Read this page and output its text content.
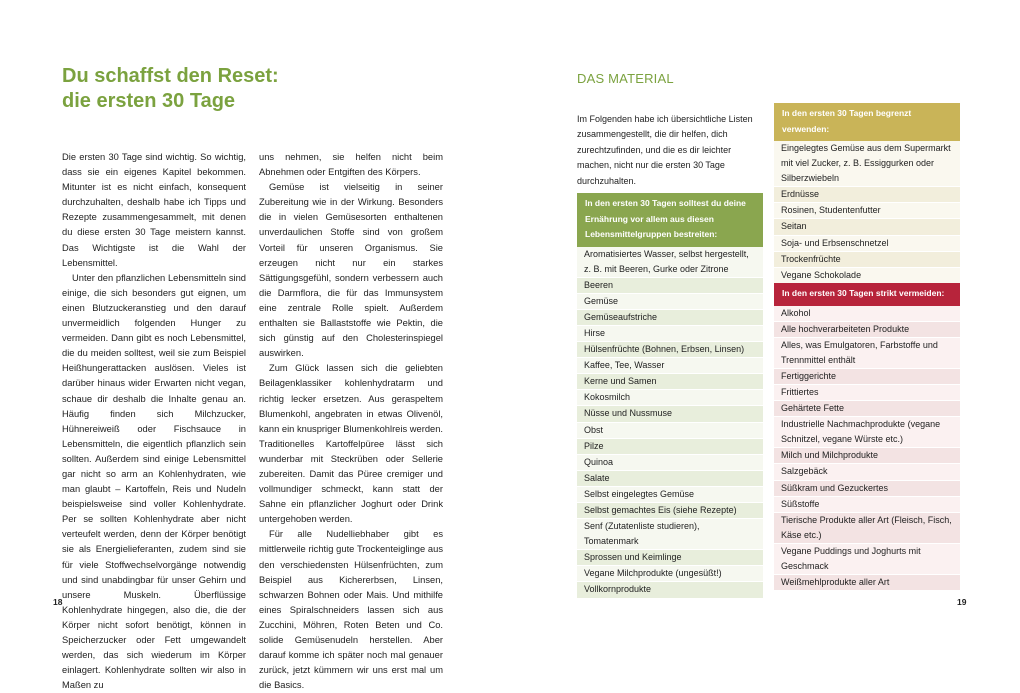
Du schaffst den Reset:
die ersten 30 Tage

Die ersten 30 Tage sind wichtig. So wichtig, dass sie ein eigenes Kapitel bekommen. Mitunter ist es nicht einfach, konsequent durchzuhalten, deshalb habe ich Tipps und Rezepte zusammengesammelt, mit denen du diese ersten 30 Tage meistern kannst. Das Wichtigste ist die Wahl der Lebensmittel.

Unter den pflanzlichen Lebensmitteln sind einige, die sich besonders gut eignen, um einen Blutzuckeranstieg und den darauf unvermeidlich folgenden Hunger zu vermeiden. Dann gibt es noch Lebensmittel, die du meiden solltest, weil sie zum Beispiel Heißhungerattacken auslösen. Vieles ist darüber hinaus wider Erwarten nicht vegan, schaue dir deshalb die Inhalte genau an. Häufig finden sich Milchzucker, Hühnereiweiß oder Fischsauce in Lebensmitteln, die eigentlich pflanzlich sein sollten. Außerdem sind einige Lebensmittel gar nicht so arm an Kohlenhydraten, wie man glaubt – Kartoffeln, Reis und Nudeln beispielsweise sind voller Kohlenhydrate. Per se sollten Kohlenhydrate aber nicht verteufelt werden, denn der Körper benötigt sie als Energielieferanten, zudem sind sie für viele Stoffwechselvorgänge notwendig und sind unabdingbar für unser Gehirn und unsere Muskeln. Überflüssige Kohlenhydrate hingegen, also die, die der Körper nicht sofort benötigt, können in Speicherzucker oder Fett umgewandelt werden, das sich wiederum im Körper einlagert. Kohlenhydrate sollten wir also in Maßen zu

uns nehmen, sie helfen nicht beim Abnehmen oder Entgiften des Körpers.

Gemüse ist vielseitig in seiner Zubereitung wie in der Wirkung. Besonders die in vielen Gemüsesorten enthaltenen unverdaulichen Stoffe sind von großem Vorteil für unseren Organismus. Sie erzeugen nicht nur ein starkes Sättigungsgefühl, sondern verbessern auch die Darmflora, die für das Immunsystem eine zentrale Rolle spielt. Außerdem enthalten sie Ballaststoffe wie Pektin, die sich günstig auf den Cholesterinspiegel auswirken.

Zum Glück lassen sich die geliebten Beilagenklassiker kohlenhydratarm und richtig lecker ersetzen. Aus geraspeltem Blumenkohl, angebraten in etwas Olivenöl, kann ein knuspriger Blumenkohlreis werden. Traditionelles Kartoffelpüree lässt sich wunderbar mit Steckrüben oder Sellerie zubereiten. Damit das Püree cremiger und vollmundiger schmeckt, kann statt der Sahne ein pflanzlicher Joghurt oder Drink untergehoben werden.

Für alle Nudelliebhaber gibt es mittlerweile richtig gute Trockenteiglinge aus den verschiedensten Hülsenfrüchten, zum Beispiel aus Kichererbsen, Linsen, schwarzen Bohnen oder Mais. Und mithilfe eines Spiralschneiders lassen sich aus Zucchini, Möhren, Roten Beten und Co. solide Gemüsenudeln herstellen. Aber darauf komme ich später noch mal genauer zurück, jetzt kümmern wir uns erst mal um die Basics.

18
DAS MATERIAL
Im Folgenden habe ich übersichtliche Listen zusammengestellt, die dir helfen, dich zurechtzufinden, und die es dir leichter machen, nicht nur die ersten 30 Tage durchzuhalten.
In den ersten 30 Tagen solltest du deine Ernährung vor allem aus diesen Lebensmittelgruppen bestreiten:
Aromatisiertes Wasser, selbst hergestellt, z. B. mit Beeren, Gurke oder Zitrone
Beeren
Gemüse
Gemüseaufstriche
Hirse
Hülsenfrüchte (Bohnen, Erbsen, Linsen)
Kaffee, Tee, Wasser
Kerne und Samen
Kokosmilch
Nüsse und Nussmuse
Obst
Pilze
Quinoa
Salate
Selbst eingelegtes Gemüse
Selbst gemachtes Eis (siehe Rezepte)
Senf (Zutatenliste studieren), Tomatenmark
Sprossen und Keimlinge
Vegane Milchprodukte (ungesüßt!)
Vollkornprodukte
In den ersten 30 Tagen begrenzt verwenden:
Eingelegtes Gemüse aus dem Supermarkt mit viel Zucker, z. B. Essiggurken oder Silberzwiebeln
Erdnüsse
Rosinen, Studentenfutter
Seitan
Soja- und Erbsenschnetzel
Trockenfrüchte
Vegane Schokolade
In den ersten 30 Tagen strikt vermeiden:
Alkohol
Alle hochverarbeiteten Produkte
Alles, was Emulgatoren, Farbstoffe und Trennmittel enthält
Fertiggerichte
Frittiertes
Gehärtete Fette
Industrielle Nachmachprodukte (vegane Schnitzel, vegane Würste etc.)
Milch und Milchprodukte
Salzgebäck
Süßkram und Gezuckertes
Süßstoffe
Tierische Produkte aller Art (Fleisch, Fisch, Käse etc.)
Vegane Puddings und Joghurts mit Geschmack
Weißmehlprodukte aller Art
19
